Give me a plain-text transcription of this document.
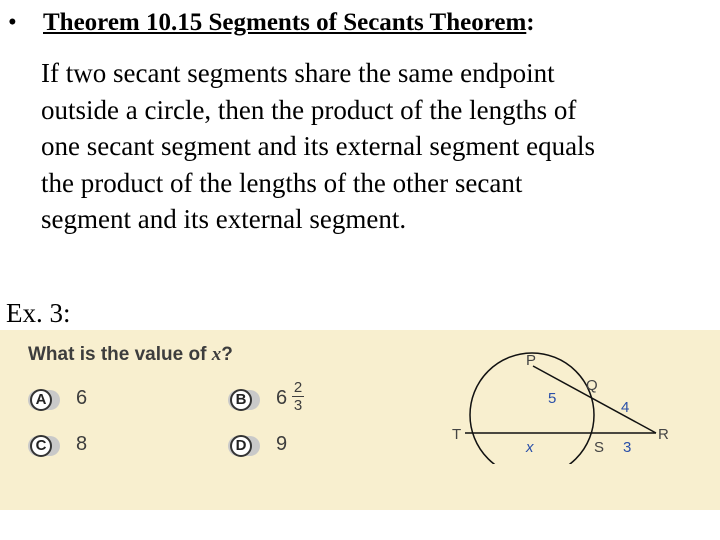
• Theorem 10.15 Segments of Secants Theorem:
If two secant segments share the same endpoint
outside a circle, then the product of the lengths of
one secant segment and its external segment equals
the product of the lengths of the other secant
segment and its external segment.
Ex. 3:
What is the value of x?
A 6	B $6 \frac{2}{3}$
C 8	D 9
P
Q
T
S
R
5
4
x	3
